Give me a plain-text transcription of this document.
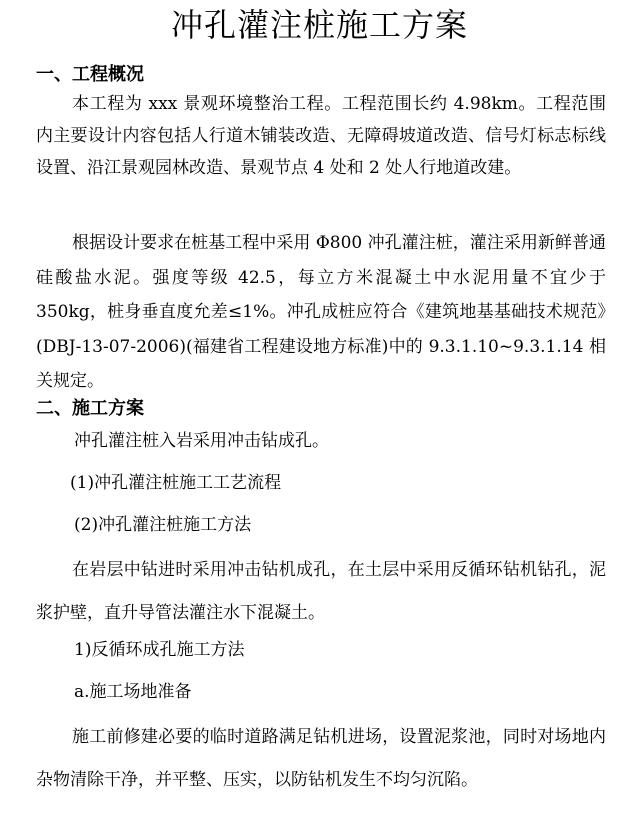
冲孔灌注桩施工方案
一、工程概况
本工程为 xxx 景观环境整治工程。工程范围长约 4.98km。工程范围内主要设计内容包括人行道木铺装改造、无障碍坡道改造、信号灯标志标线设置、沿江景观园林改造、景观节点 4 处和 2 处人行地道改建。
根据设计要求在桩基工程中采用 Φ800 冲孔灌注桩，灌注采用新鲜普通硅酸盐水泥。强度等级 42.5，每立方米混凝土中水泥用量不宜少于 350kg，桩身垂直度允差≤1%。冲孔成桩应符合《建筑地基基础技术规范》(DBJ-13-07-2006)(福建省工程建设地方标准)中的 9.3.1.10~9.3.1.14 相关规定。
二、施工方案
冲孔灌注桩入岩采用冲击钻成孔。
(1)冲孔灌注桩施工工艺流程
(2)冲孔灌注桩施工方法
在岩层中钻进时采用冲击钻机成孔，在土层中采用反循环钻机钻孔，泥浆护壁，直升导管法灌注水下混凝土。
1)反循环成孔施工方法
a.施工场地准备
施工前修建必要的临时道路满足钻机进场，设置泥浆池，同时对场地内杂物清除干净，并平整、压实，以防钻机发生不均匀沉陷。
